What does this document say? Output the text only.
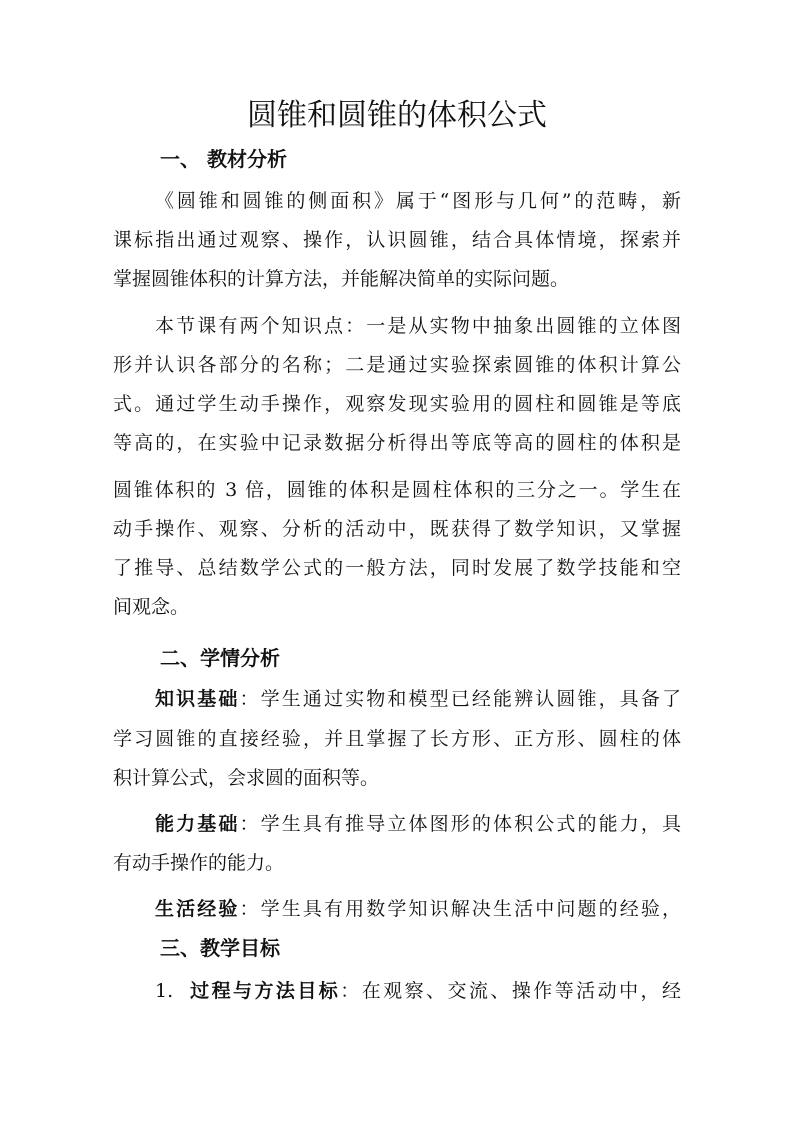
圆锥和圆锥的体积公式
一、 教材分析

《圆锥和圆锥的侧面积》属于“图形与几何”的范畴，新

课标指出通过观察、操作，认识圆锥，结合具体情境，探索并

掌握圆锥体积的计算方法，并能解决简单的实际问题。

本节课有两个知识点：一是从实物中抽象出圆锥的立体图

形并认识各部分的名称；二是通过实验探索圆锥的体积计算公

式。通过学生动手操作，观察发现实验用的圆柱和圆锥是等底

等高的，在实验中记录数据分析得出等底等高的圆柱的体积是

圆锥体积的 3 倍，圆锥的体积是圆柱体积的三分之一。学生在

动手操作、观察、分析的活动中，既获得了数学知识，又掌握

了推导、总结数学公式的一般方法，同时发展了数学技能和空

间观念。

二、学情分析

知识基础：学生通过实物和模型已经能辨认圆锥，具备了

学习圆锥的直接经验，并且掌握了长方形、正方形、圆柱的体

积计算公式，会求圆的面积等。

能力基础：学生具有推导立体图形的体积公式的能力，具

有动手操作的能力。

生活经验：学生具有用数学知识解决生活中问题的经验，

三、教学目标

1. 过程与方法目标：在观察、交流、操作等活动中，经
